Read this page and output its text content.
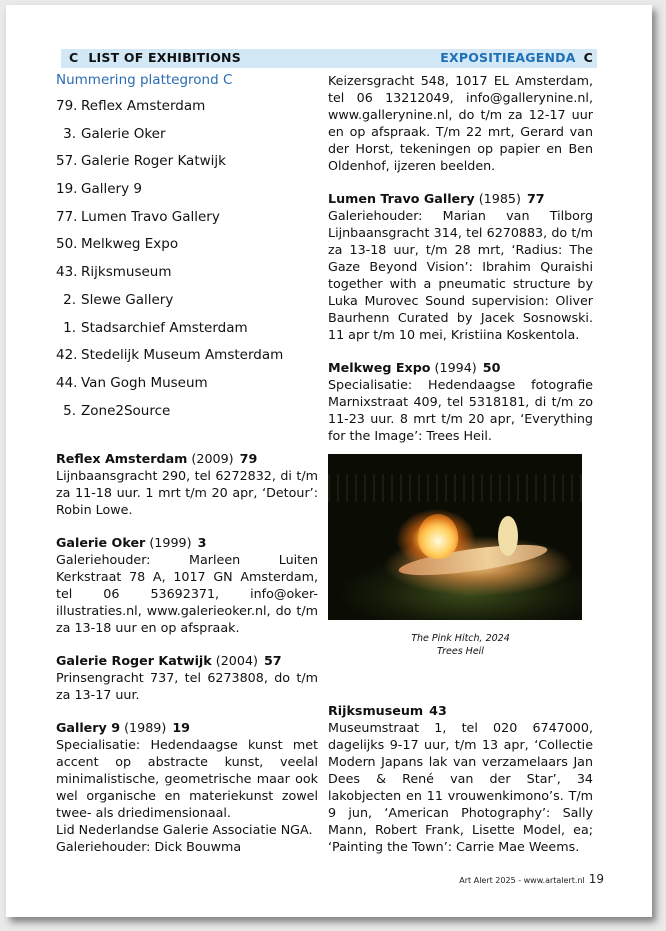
C LIST OF EXHIBITIONS	EXPOSITIEAGENDA C
Nummering plattegrond C
79. Reflex Amsterdam
3. Galerie Oker
57. Galerie Roger Katwijk
19. Gallery 9
77. Lumen Travo Gallery
50. Melkweg Expo
43. Rijksmuseum
2. Slewe Gallery
1. Stadsarchief Amsterdam
42. Stedelijk Museum Amsterdam
44. Van Gogh Museum
5. Zone2Source
Reflex Amsterdam (2009) 79

Lijnbaansgracht 290, tel 6272832, di t/m za 11-18 uur. 1 mrt t/m 20 apr, ‘Detour’: Robin Lowe.

Galerie Oker (1999) 3

Galeriehouder: Marleen Luiten Kerkstraat 78 A, 1017 GN Amsterdam, tel 06 53692371, info@oker-illustraties.nl, www.galerieoker.nl, do t/m za 13-18 uur en op afspraak.

Galerie Roger Katwijk (2004) 57

Prinsengracht 737, tel 6273808, do t/m za 13-17 uur.

Gallery 9 (1989) 19

Specialisatie: Hedendaagse kunst met accent op abstracte kunst, veelal minimalistische, geometrische maar ook wel organische en materiekunst zowel twee- als driedimensionaal.

Lid Nederlandse Galerie Associatie NGA.

Galeriehouder: Dick Bouwma

Keizersgracht 548, 1017 EL Amsterdam, tel 06 13212049, info@gallerynine.nl, www.gallerynine.nl, do t/m za 12-17 uur en op afspraak. T/m 22 mrt, Gerard van der Horst, tekeningen op papier en Ben Oldenhof, ijzeren beelden.

Lumen Travo Gallery (1985) 77

Galeriehouder: Marian van Tilborg Lijnbaansgracht 314, tel 6270883, do t/m za 13-18 uur, t/m 28 mrt, ‘Radius: The Gaze Beyond Vision’: Ibrahim Quraishi together with a pneumatic structure by Luka Murovec Sound supervision: Oliver Baurhenn Curated by Jacek Sosnowski. 11 apr t/m 10 mei, Kristiina Koskentola.

Melkweg Expo (1994) 50

Specialisatie: Hedendaagse fotografie Marnixstraat 409, tel 5318181, di t/m zo 11-23 uur. 8 mrt t/m 20 apr, ‘Everything for the Image’: Trees Heil.

The Pink Hitch, 2024
Trees Heil
Rijksmuseum 43

Museumstraat 1, tel 020 6747000, dagelijks 9-17 uur, t/m 13 apr, ‘Collectie Modern Japans lak van verzamelaars Jan Dees & René van der Star’, 34 lakobjecten en 11 vrouwenkimono’s. T/m 9 jun, ‘American Photography’: Sally Mann, Robert Frank, Lisette Model, ea; ‘Painting the Town’: Carrie Mae Weems.

Art Alert 2025 - www.artalert.nl 19
